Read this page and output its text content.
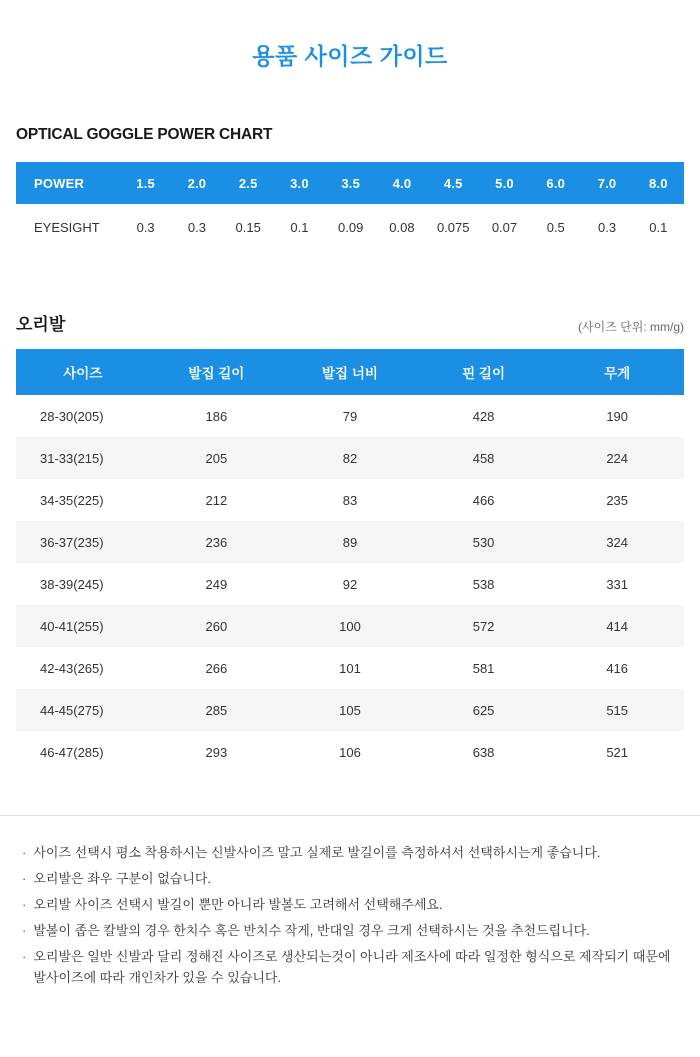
용품 사이즈 가이드
OPTICAL GOGGLE POWER CHART
POWER	1.5	2.0	2.5	3.0	3.5	4.0	4.5	5.0	6.0	7.0	8.0
EYESIGHT	0.3	0.3	0.15	0.1	0.09	0.08	0.075	0.07	0.5	0.3	0.1
오리발	(사이즈 단위: mm/g)
사이즈	발집 길이	발집 너비	핀 길이	무게
28-30(205)	186	79	428	190
31-33(215)	205	82	458	224
34-35(225)	212	83	466	235
36-37(235)	236	89	530	324
38-39(245)	249	92	538	331
40-41(255)	260	100	572	414
42-43(265)	266	101	581	416
44-45(275)	285	105	625	515
46-47(285)	293	106	638	521
· 사이즈 선택시 평소 착용하시는 신발사이즈 말고 실제로 발길이를 측정하셔서 선택하시는게 좋습니다.
· 오리발은 좌우 구분이 없습니다.
· 오리발 사이즈 선택시 발길이 뿐만 아니라 발볼도 고려해서 선택해주세요.
· 발볼이 좁은 칼발의 경우 한치수 혹은 반치수 작게, 반대일 경우 크게 선택하시는 것을 추천드립니다.
· 오리발은 일반 신발과 달리 정해진 사이즈로 생산되는것이 아니라 제조사에 따라 일정한 형식으로 제작되기 때문에 발사이즈에 따라 개인차가 있을 수 있습니다.
